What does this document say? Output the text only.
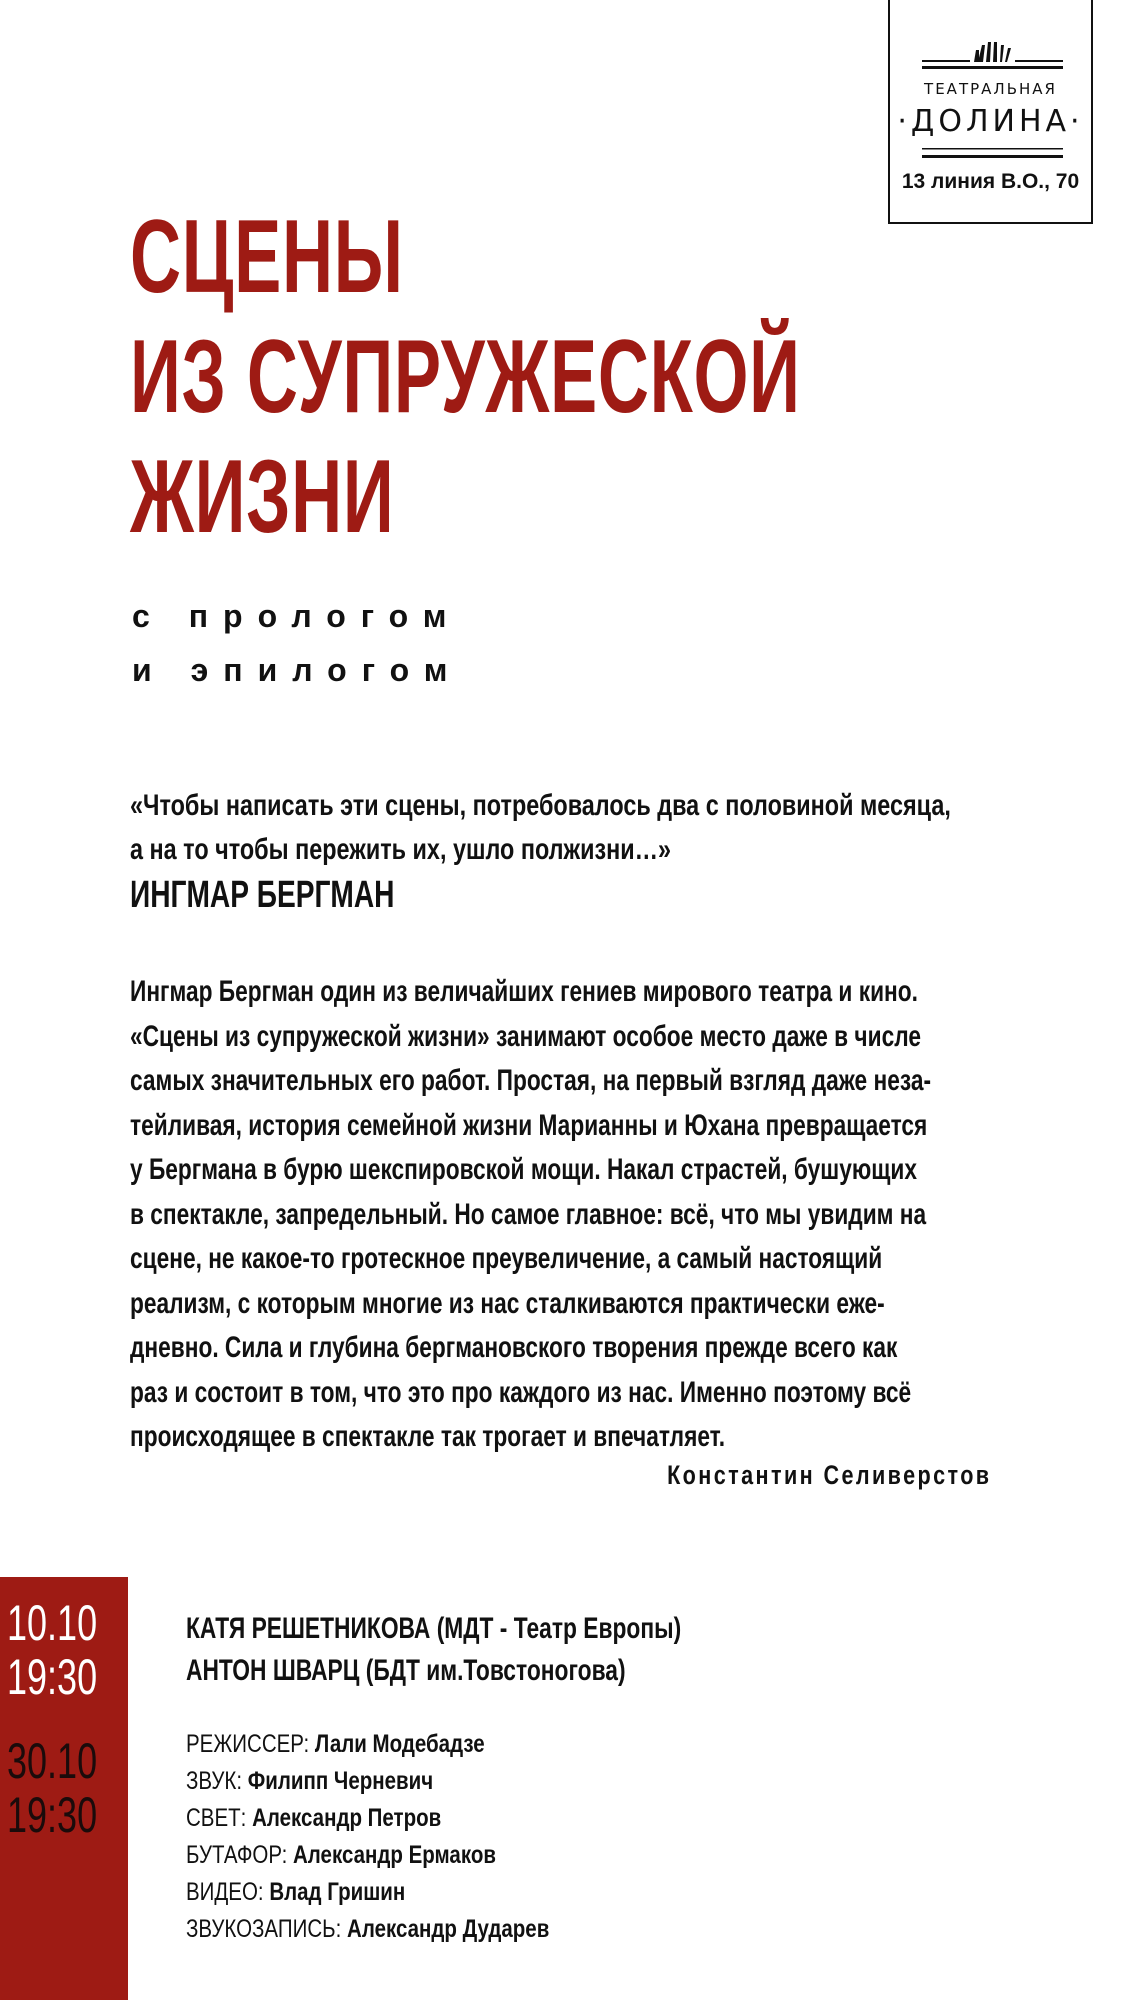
ТЕАТРАЛЬНАЯ
·ДОЛИНА·
13 линия В.О., 70
СЦЕНЫ
ИЗ СУПРУЖЕСКОЙ
ЖИЗНИ

с прологом

и эпилогом

«Чтобы написать эти сцены, потребовалось два с половиной месяца,

а на то чтобы пережить их, ушло полжизни…»

ИНГМАР БЕРГМАН

Ингмар Бергман один из величайших гениев мирового театра и кино.
«Сцены из супружеской жизни» занимают особое место даже в числе
самых значительных его работ. Простая, на первый взгляд даже неза-
тейливая, история семейной жизни Марианны и Юхана превращается
у Бергмана в бурю шекспировской мощи. Накал страстей, бушующих
в спектакле, запредельный. Но самое главное: всё, что мы увидим на
сцене, не какое-то гротескное преувеличение, а самый настоящий
реализм, с которым многие из нас сталкиваются практически еже-
дневно. Сила и глубина бергмановского творения прежде всего как
раз и состоит в том, что это про каждого из нас. Именно поэтому всё
происходящее в спектакле так трогает и впечатляет.

Константин Селиверстов

10.10

19:30

30.10

19:30

КАТЯ РЕШЕТНИКОВА (МДТ - Театр Европы)

АНТОН ШВАРЦ (БДТ им.Товстоногова)

РЕЖИССЕР: Лали Модебадзе

ЗВУК: Филипп Черневич

СВЕТ: Александр Петров

БУТАФОР: Александр Ермаков

ВИДЕО: Влад Гришин

ЗВУКОЗАПИСЬ: Александр Дударев
